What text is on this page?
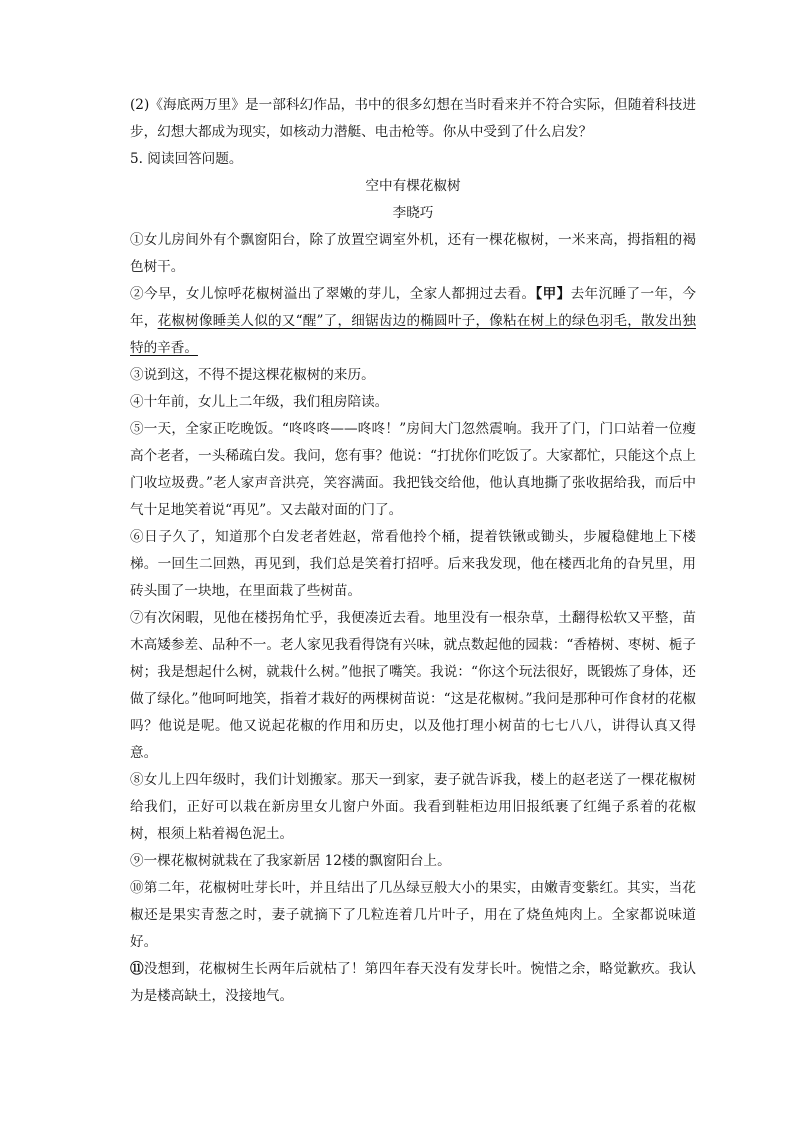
(2)《海底两万里》是一部科幻作品，书中的很多幻想在当时看来并不符合实际，但随着科技进步，幻想大都成为现实，如核动力潜艇、电击枪等。你从中受到了什么启发？

5. 阅读回答问题。

空中有棵花椒树

李晓巧

①女儿房间外有个飘窗阳台，除了放置空调室外机，还有一棵花椒树，一米来高，拇指粗的褐色树干。

②今早，女儿惊呼花椒树溢出了翠嫩的芽儿，全家人都拥过去看。【甲】去年沉睡了一年，今年，花椒树像睡美人似的又“醒”了，细锯齿边的椭圆叶子，像粘在树上的绿色羽毛，散发出独特的辛香。

③说到这，不得不提这棵花椒树的来历。

④十年前，女儿上二年级，我们租房陪读。

⑤一天，全家正吃晚饭。“咚咚咚——咚咚！”房间大门忽然震响。我开了门，门口站着一位瘦高个老者，一头稀疏白发。我问，您有事？他说：“打扰你们吃饭了。大家都忙，只能这个点上门收垃圾费。”老人家声音洪亮，笑容满面。我把钱交给他，他认真地撕了张收据给我，而后中气十足地笑着说“再见”。又去敲对面的门了。

⑥日子久了，知道那个白发老者姓赵，常看他拎个桶，提着铁锹或锄头，步履稳健地上下楼梯。一回生二回熟，再见到，我们总是笑着打招呼。后来我发现，他在楼西北角的旮旯里，用砖头围了一块地，在里面栽了些树苗。

⑦有次闲暇，见他在楼拐角忙乎，我便凑近去看。地里没有一根杂草，土翻得松软又平整，苗木高矮参差、品种不一。老人家见我看得饶有兴味，就点数起他的园栽：“香椿树、枣树、栀子树；我是想起什么树，就栽什么树。”他抿了嘴笑。我说：“你这个玩法很好，既锻炼了身体，还做了绿化。”他呵呵地笑，指着才栽好的两棵树苗说：“这是花椒树。”我问是那种可作食材的花椒吗？他说是呢。他又说起花椒的作用和历史，以及他打理小树苗的七七八八，讲得认真又得意。

⑧女儿上四年级时，我们计划搬家。那天一到家，妻子就告诉我，楼上的赵老送了一棵花椒树给我们，正好可以栽在新房里女儿窗户外面。我看到鞋柜边用旧报纸裹了红绳子系着的花椒树，根须上粘着褐色泥土。

⑨一棵花椒树就栽在了我家新居 12楼的飘窗阳台上。

⑩第二年，花椒树吐芽长叶，并且结出了几丛绿豆般大小的果实，由嫩青变紫红。其实，当花椒还是果实青葱之时，妻子就摘下了几粒连着几片叶子，用在了烧鱼炖肉上。全家都说味道好。

⑪没想到，花椒树生长两年后就枯了！第四年春天没有发芽长叶。惋惜之余，略觉歉疚。我认为是楼高缺土，没接地气。
